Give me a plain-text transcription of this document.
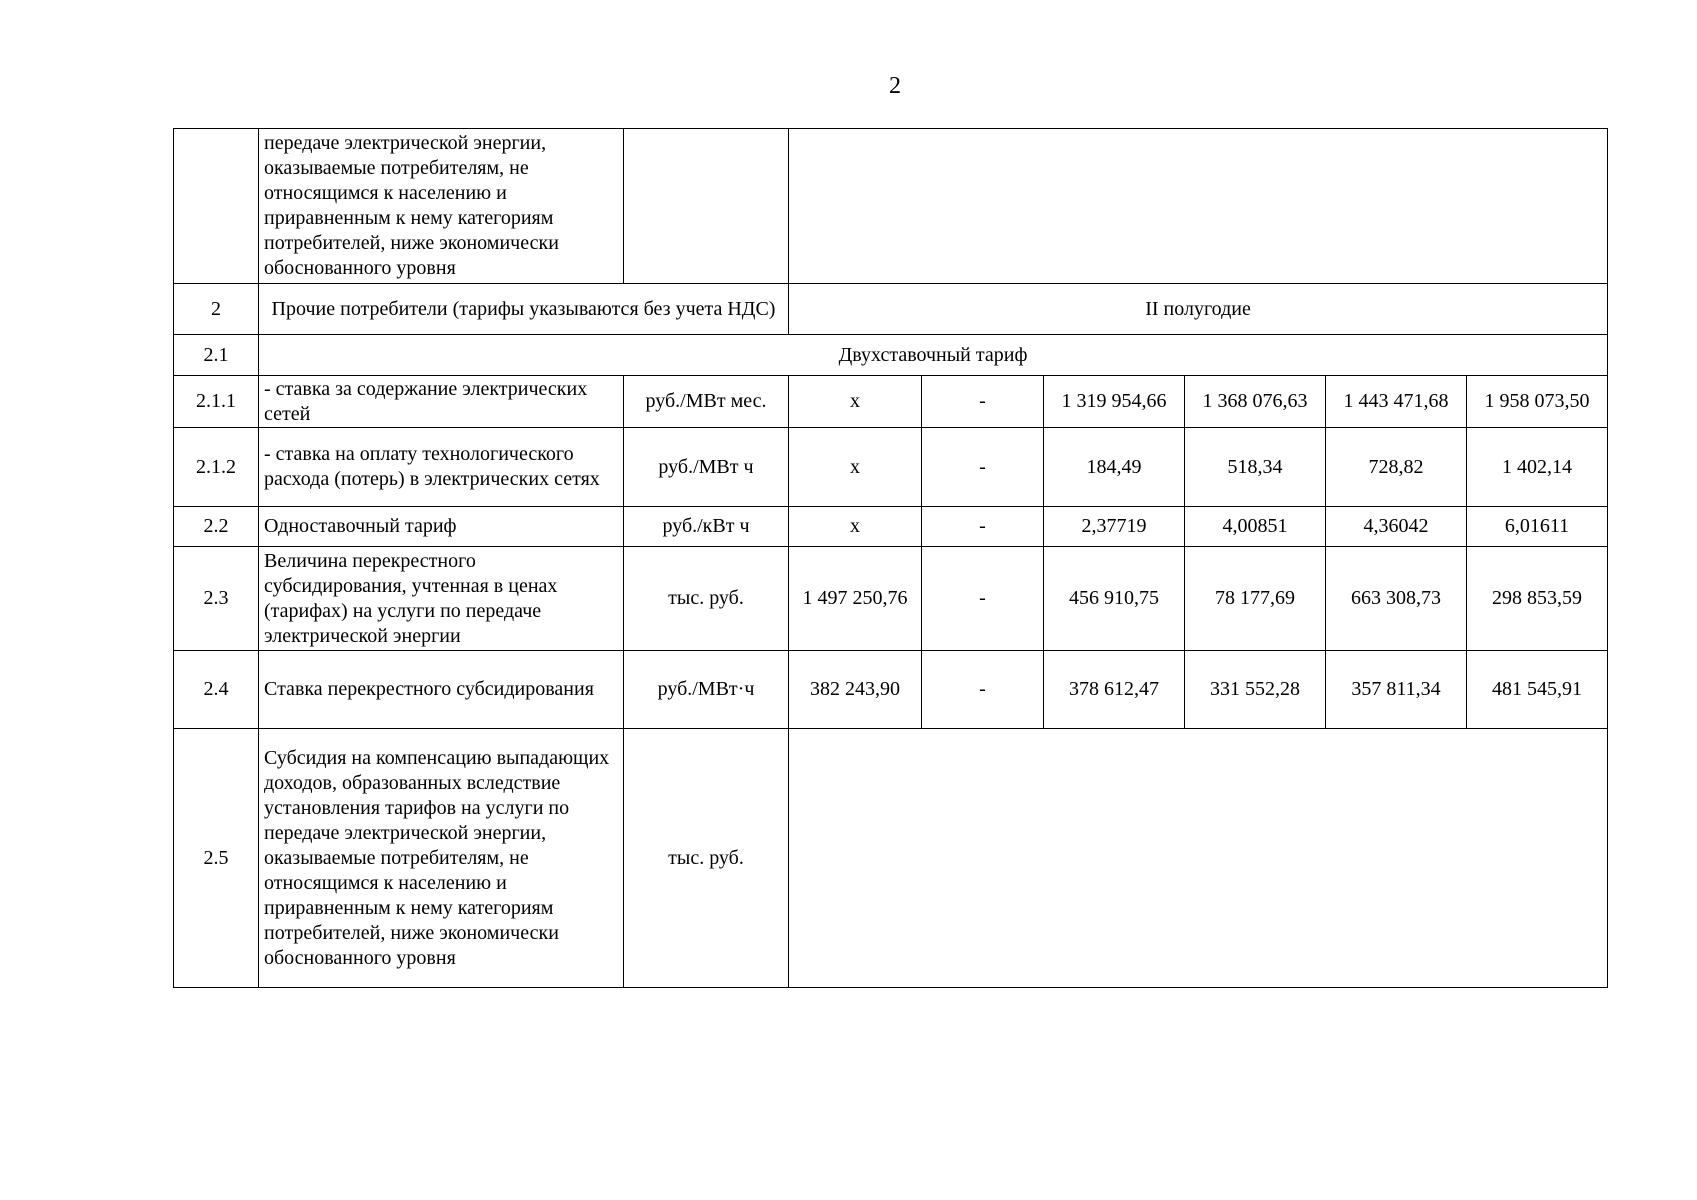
2
	передаче электрической энергии, оказываемые потребителям, не относящимся к населению и приравненным к нему категориям потребителей, ниже экономически обоснованного уровня							
2	Прочие потребители (тарифы указываются без учета НДС)		II полугодие					
2.1	Двухставочный тариф							
2.1.1	- ставка за содержание электрических сетей	руб./МВт мес.	х	-	1 319 954,66	1 368 076,63	1 443 471,68	1 958 073,50
2.1.2	- ставка на оплату технологического расхода (потерь) в электрических сетях	руб./МВт ч	х	-	184,49	518,34	728,82	1 402,14
2.2	Одноставочный тариф	руб./кВт ч	х	-	2,37719	4,00851	4,36042	6,01611
2.3	Величина перекрестного субсидирования, учтенная в ценах (тарифах) на услуги по передаче электрической энергии	тыс. руб.	1 497 250,76	-	456 910,75	78 177,69	663 308,73	298 853,59
2.4	Ставка перекрестного субсидирования	руб./МВт·ч	382 243,90	-	378 612,47	331 552,28	357 811,34	481 545,91
2.5	Субсидия на компенсацию выпадающих доходов, образованных вследствие установления тарифов на услуги по передаче электрической энергии, оказываемые потребителям, не относящимся к населению и приравненным к нему категориям потребителей, ниже экономически обоснованного уровня	тыс. руб.						
